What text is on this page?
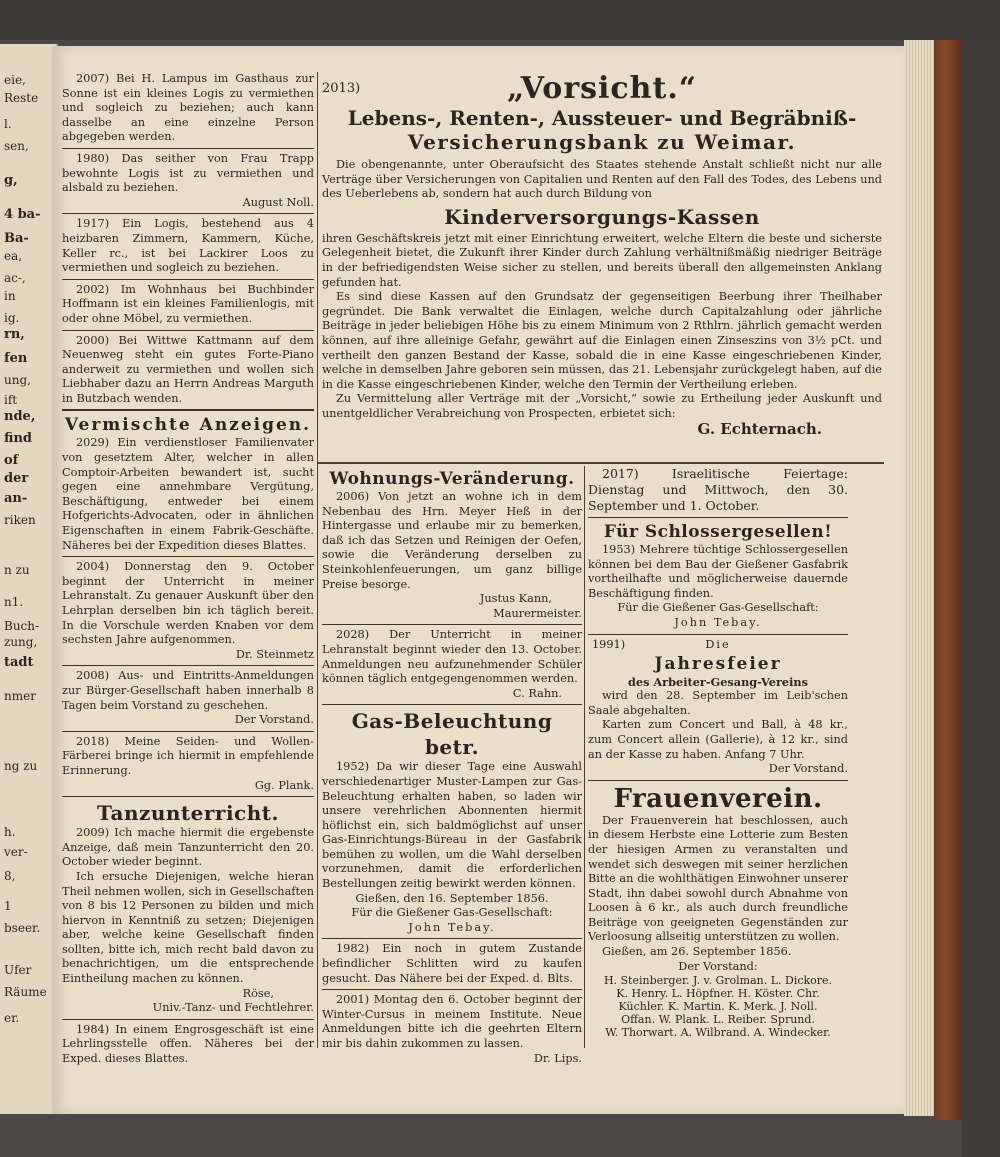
eie,
Reste
l.
sen,
g,
4 ba-
Ba-
ea,
ac-,
in
ig.
rn,
fen
ung,
ift
nde,
find
of
der
an-
riken
n zu
n1.
Buch-
zung,
tadt
nmer
ng zu
h.
ver-
8,
1
bseer.
Ufer
Räume
er.

2007) Bei H. Lampus im Gasthaus zur Sonne ist ein kleines Logis zu vermiethen und sogleich zu beziehen; auch kann dasselbe an eine einzelne Person abgegeben werden.

1980) Das seither von Frau Trapp bewohnte Logis ist zu vermiethen und alsbald zu beziehen.

August Noll.

1917) Ein Logis, bestehend aus 4 heizbaren Zimmern, Kammern, Küche, Keller rc., ist bei Lackirer Loos zu vermiethen und sogleich zu beziehen.

2002) Im Wohnhaus bei Buchbinder Hoffmann ist ein kleines Familienlogis, mit oder ohne Möbel, zu vermiethen.

2000) Bei Wittwe Kattmann auf dem Neuenweg steht ein gutes Forte-Piano anderweit zu vermiethen und wollen sich Liebhaber dazu an Herrn Andreas Marguth in Butzbach wenden.

Vermischte Anzeigen.

2029) Ein verdienstloser Familienvater von gesetztem Alter, welcher in allen Comptoir-Arbeiten bewandert ist, sucht gegen eine annehmbare Vergütung, Beschäftigung, entweder bei einem Hofgerichts-Advocaten, oder in ähnlichen Eigenschaften in einem Fabrik-Geschäfte. Näheres bei der Expedition dieses Blattes.

2004) Donnerstag den 9. October beginnt der Unterricht in meiner Lehranstalt. Zu genauer Auskunft über den Lehrplan derselben bin ich täglich bereit. In die Vorschule werden Knaben vor dem sechsten Jahre aufgenommen.

Dr. Steinmetz

2008) Aus- und Eintritts-Anmeldungen zur Bürger-Gesellschaft haben innerhalb 8 Tagen beim Vorstand zu geschehen.

Der Vorstand.

2018) Meine Seiden- und Wollen-Färberei bringe ich hiermit in empfehlende Erinnerung.

Gg. Plank.

Tanzunterricht.

2009) Ich mache hiermit die ergebenste Anzeige, daß mein Tanzunterricht den 20. October wieder beginnt.

Ich ersuche Diejenigen, welche hieran Theil nehmen wollen, sich in Gesellschaften von 8 bis 12 Personen zu bilden und mich hiervon in Kenntniß zu setzen; Diejenigen aber, welche keine Gesellschaft finden sollten, bitte ich, mich recht bald davon zu benachrichtigen, um die entsprechende Eintheilung machen zu können.

Röse,

Univ.-Tanz- und Fechtlehrer.

1984) In einem Engrosgeschäft ist eine Lehrlingsstelle offen. Näheres bei der Exped. dieses Blattes.

2013)	„Vorsicht.“
Lebens-, Renten-, Aussteuer- und Begräbniß-
Versicherungsbank zu Weimar.

Die obengenannte, unter Oberaufsicht des Staates stehende Anstalt schließt nicht nur alle Verträge über Versicherungen von Capitalien und Renten auf den Fall des Todes, des Lebens und des Ueberlebens ab, sondern hat auch durch Bildung von

Kinderversorgungs-Kassen

ihren Geschäftskreis jetzt mit einer Einrichtung erweitert, welche Eltern die beste und sicherste Gelegenheit bietet, die Zukunft ihrer Kinder durch Zahlung verhältnißmäßig niedriger Beiträge in der befriedigendsten Weise sicher zu stellen, und bereits überall den allgemeinsten Anklang gefunden hat.

Es sind diese Kassen auf den Grundsatz der gegenseitigen Beerbung ihrer Theilhaber gegründet. Die Bank verwaltet die Einlagen, welche durch Capitalzahlung oder jährliche Beiträge in jeder beliebigen Höhe bis zu einem Minimum von 2 Rthlrn. jährlich gemacht werden können, auf ihre alleinige Gefahr, gewährt auf die Einlagen einen Zinseszins von 3½ pCt. und vertheilt den ganzen Bestand der Kasse, sobald die in eine Kasse eingeschriebenen Kinder, welche in demselben Jahre geboren sein müssen, das 21. Lebensjahr zurückgelegt haben, auf die in die Kasse eingeschriebenen Kinder, welche den Termin der Vertheilung erleben.

Zu Vermittelung aller Verträge mit der „Vorsicht,“ sowie zu Ertheilung jeder Auskunft und unentgeldlicher Verabreichung von Prospecten, erbietet sich:

G. Echternach.

Wohnungs-Veränderung.

2006) Von jetzt an wohne ich in dem Nebenbau des Hrn. Meyer Heß in der Hintergasse und erlaube mir zu bemerken, daß ich das Setzen und Reinigen der Oefen, sowie die Veränderung derselben zu Steinkohlenfeuerungen, um ganz billige Preise besorge.

Justus Kann,

Maurermeister.

2028) Der Unterricht in meiner Lehranstalt beginnt wieder den 13. October. Anmeldungen neu aufzunehmender Schüler können täglich entgegengenommen werden.

C. Rahn.

Gas-Beleuchtung betr.

1952) Da wir dieser Tage eine Auswahl verschiedenartiger Muster-Lampen zur Gas-Beleuchtung erhalten haben, so laden wir unsere verehrlichen Abonnenten hiermit höflichst ein, sich baldmöglichst auf unser Gas-Einrichtungs-Büreau in der Gasfabrik bemühen zu wollen, um die Wahl derselben vorzunehmen, damit die erforderlichen Bestellungen zeitig bewirkt werden können.

Gießen, den 16. September 1856.

Für die Gießener Gas-Gesellschaft:

John Tebay.

1982) Ein noch in gutem Zustande befindlicher Schlitten wird zu kaufen gesucht. Das Nähere bei der Exped. d. Blts.

2001) Montag den 6. October beginnt der Winter-Cursus in meinem Institute. Neue Anmeldungen bitte ich die geehrten Eltern mir bis dahin zukommen zu lassen.

Dr. Lips.

2017) Israelitische Feiertage: Dienstag und Mittwoch, den 30. September und 1. October.

Für Schlossergesellen!

1953) Mehrere tüchtige Schlossergesellen können bei dem Bau der Gießener Gasfabrik vortheilhafte und möglicherweise dauernde Beschäftigung finden.

Für die Gießener Gas-Gesellschaft:

John Tebay.

1991)	Die
Jahresfeier

des Arbeiter-Gesang-Vereins

wird den 28. September im Leib'schen Saale abgehalten.

Karten zum Concert und Ball, à 48 kr., zum Concert allein (Gallerie), à 12 kr., sind an der Kasse zu haben. Anfang 7 Uhr.

Der Vorstand.

Frauenverein.

Der Frauenverein hat beschlossen, auch in diesem Herbste eine Lotterie zum Besten der hiesigen Armen zu veranstalten und wendet sich deswegen mit seiner herzlichen Bitte an die wohlthätigen Einwohner unserer Stadt, ihn dabei sowohl durch Abnahme von Loosen à 6 kr., als auch durch freundliche Beiträge von geeigneten Gegenständen zur Verloosung allseitig unterstützen zu wollen.

Gießen, am 26. September 1856.

Der Vorstand:

H. Steinberger. J. v. Grolman. L. Dickore.

K. Henry. L. Höpfner. H. Köster. Chr.

Küchler. K. Martin. K. Merk. J. Noll.

Offan. W. Plank. L. Reiber. Sprund.

W. Thorwart. A. Wilbrand. A. Windecker.
